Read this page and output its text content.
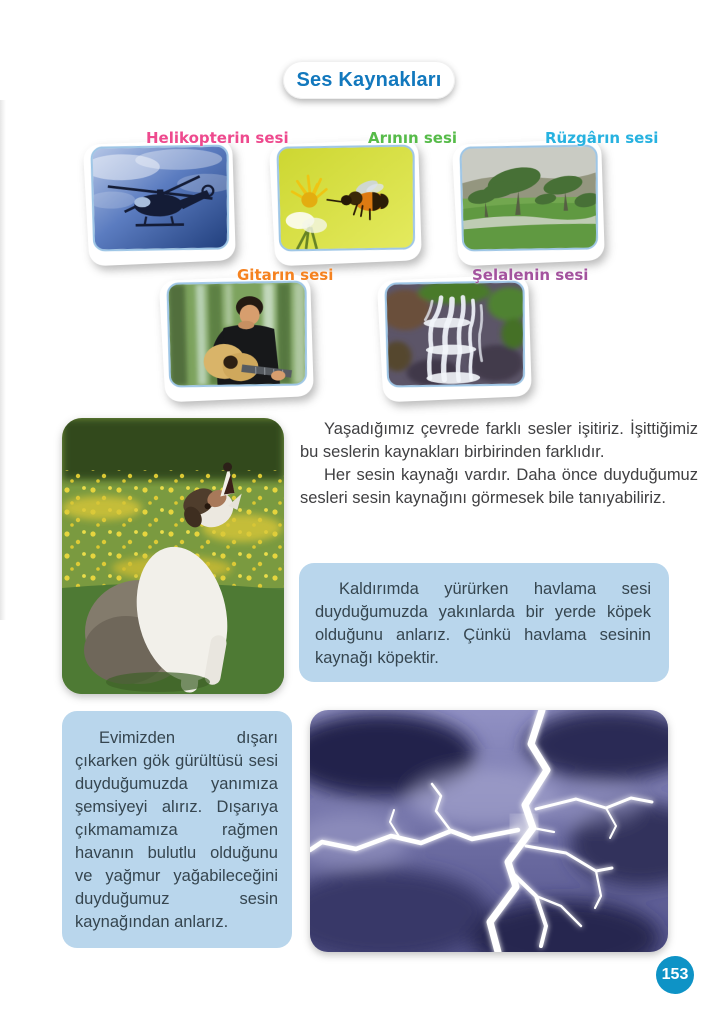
Ses Kaynakları
Helikopterin sesi	Arının sesi	Rüzgârın sesi
Gitarın sesi	Şelalenin sesi

Yaşadığımız çevrede farklı sesler işitiriz. İşittiğimiz bu seslerin kaynakları birbirinden farklıdır.

Her sesin kaynağı vardır. Daha önce duyduğumuz sesleri sesin kaynağını görmesek bile tanıyabiliriz.

Kaldırımda yürürken havlama sesi duyduğumuzda yakınlarda bir yerde köpek olduğunu anlarız. Çünkü havlama sesinin kaynağı köpektir.

Evimizden dışarı çıkarken gök gürültüsü sesi duyduğumuzda yanımıza şemsiyeyi alırız. Dışarıya çıkmamamıza rağmen havanın bulutlu olduğunu ve yağmur yağabileceğini duyduğumuz sesin kaynağından anlarız.

153
